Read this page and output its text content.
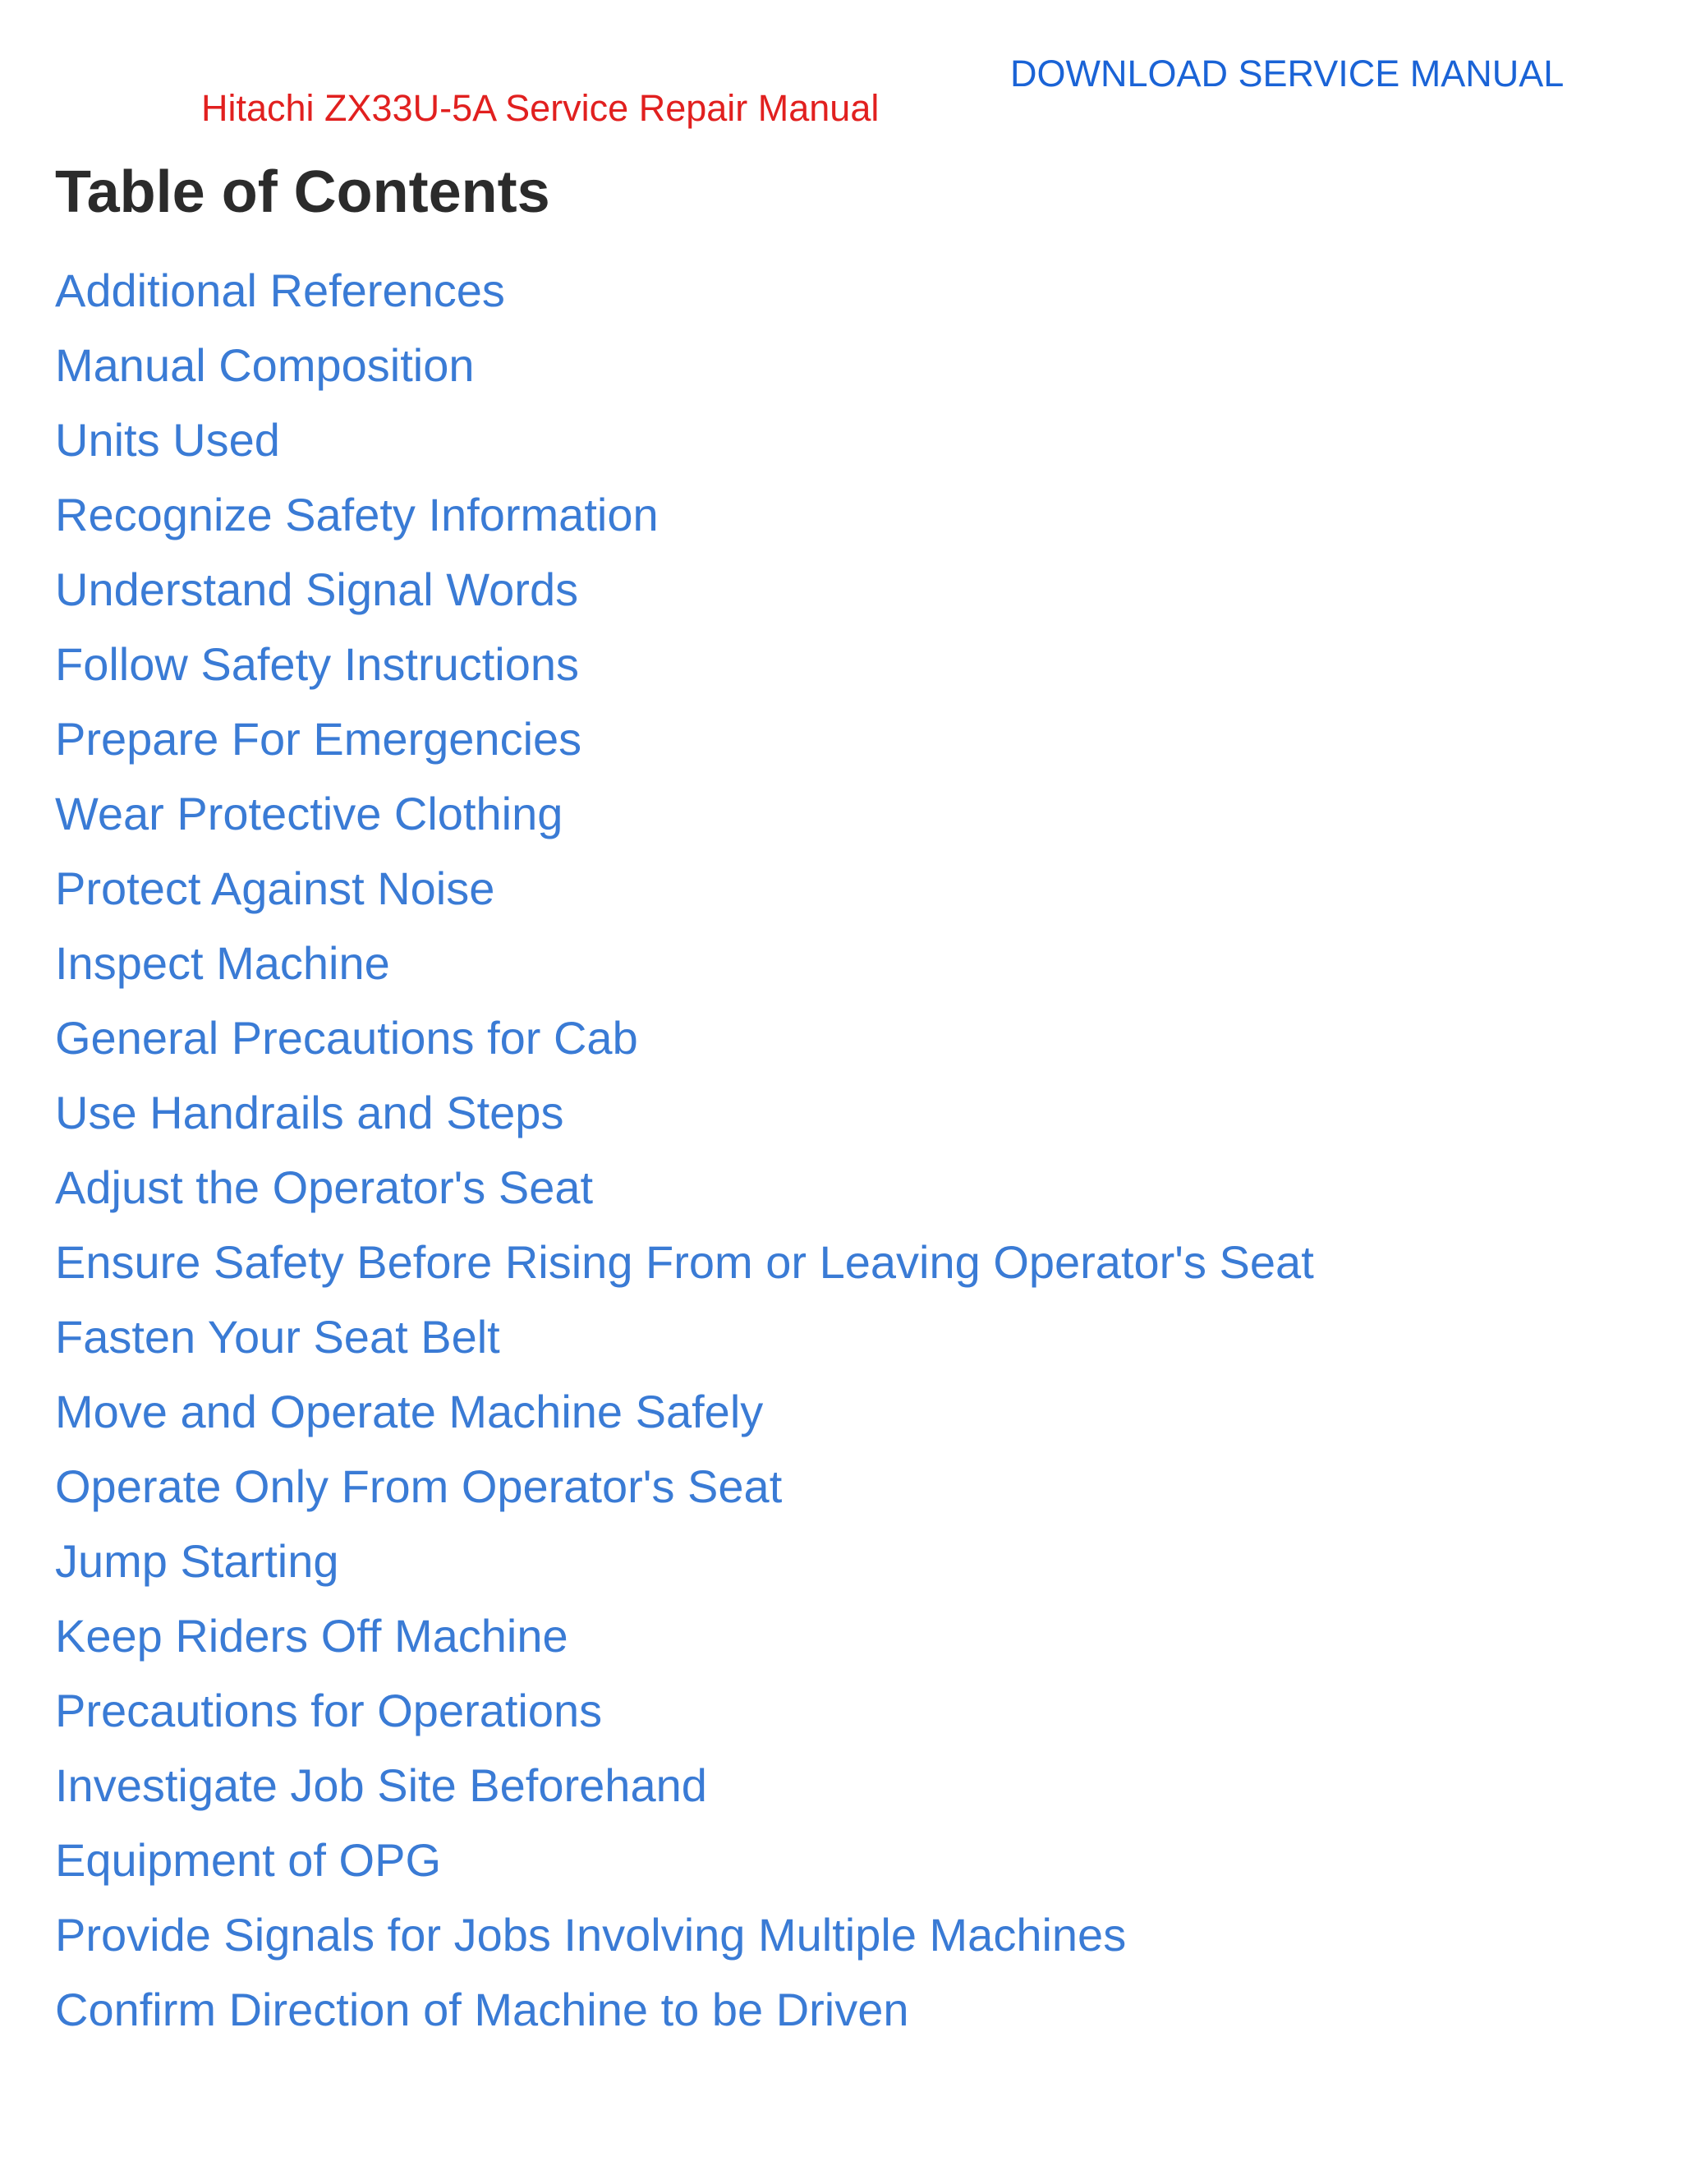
Hitachi ZX33U-5A Service Repair Manual
DOWNLOAD SERVICE MANUAL
Table of Contents
Additional References
Manual Composition
Units Used
Recognize Safety Information
Understand Signal Words
Follow Safety Instructions
Prepare For Emergencies
Wear Protective Clothing
Protect Against Noise
Inspect Machine
General Precautions for Cab
Use Handrails and Steps
Adjust the Operator's Seat
Ensure Safety Before Rising From or Leaving Operator's Seat
Fasten Your Seat Belt
Move and Operate Machine Safely
Operate Only From Operator's Seat
Jump Starting
Keep Riders Off Machine
Precautions for Operations
Investigate Job Site Beforehand
Equipment of OPG
Provide Signals for Jobs Involving Multiple Machines
Confirm Direction of Machine to be Driven
